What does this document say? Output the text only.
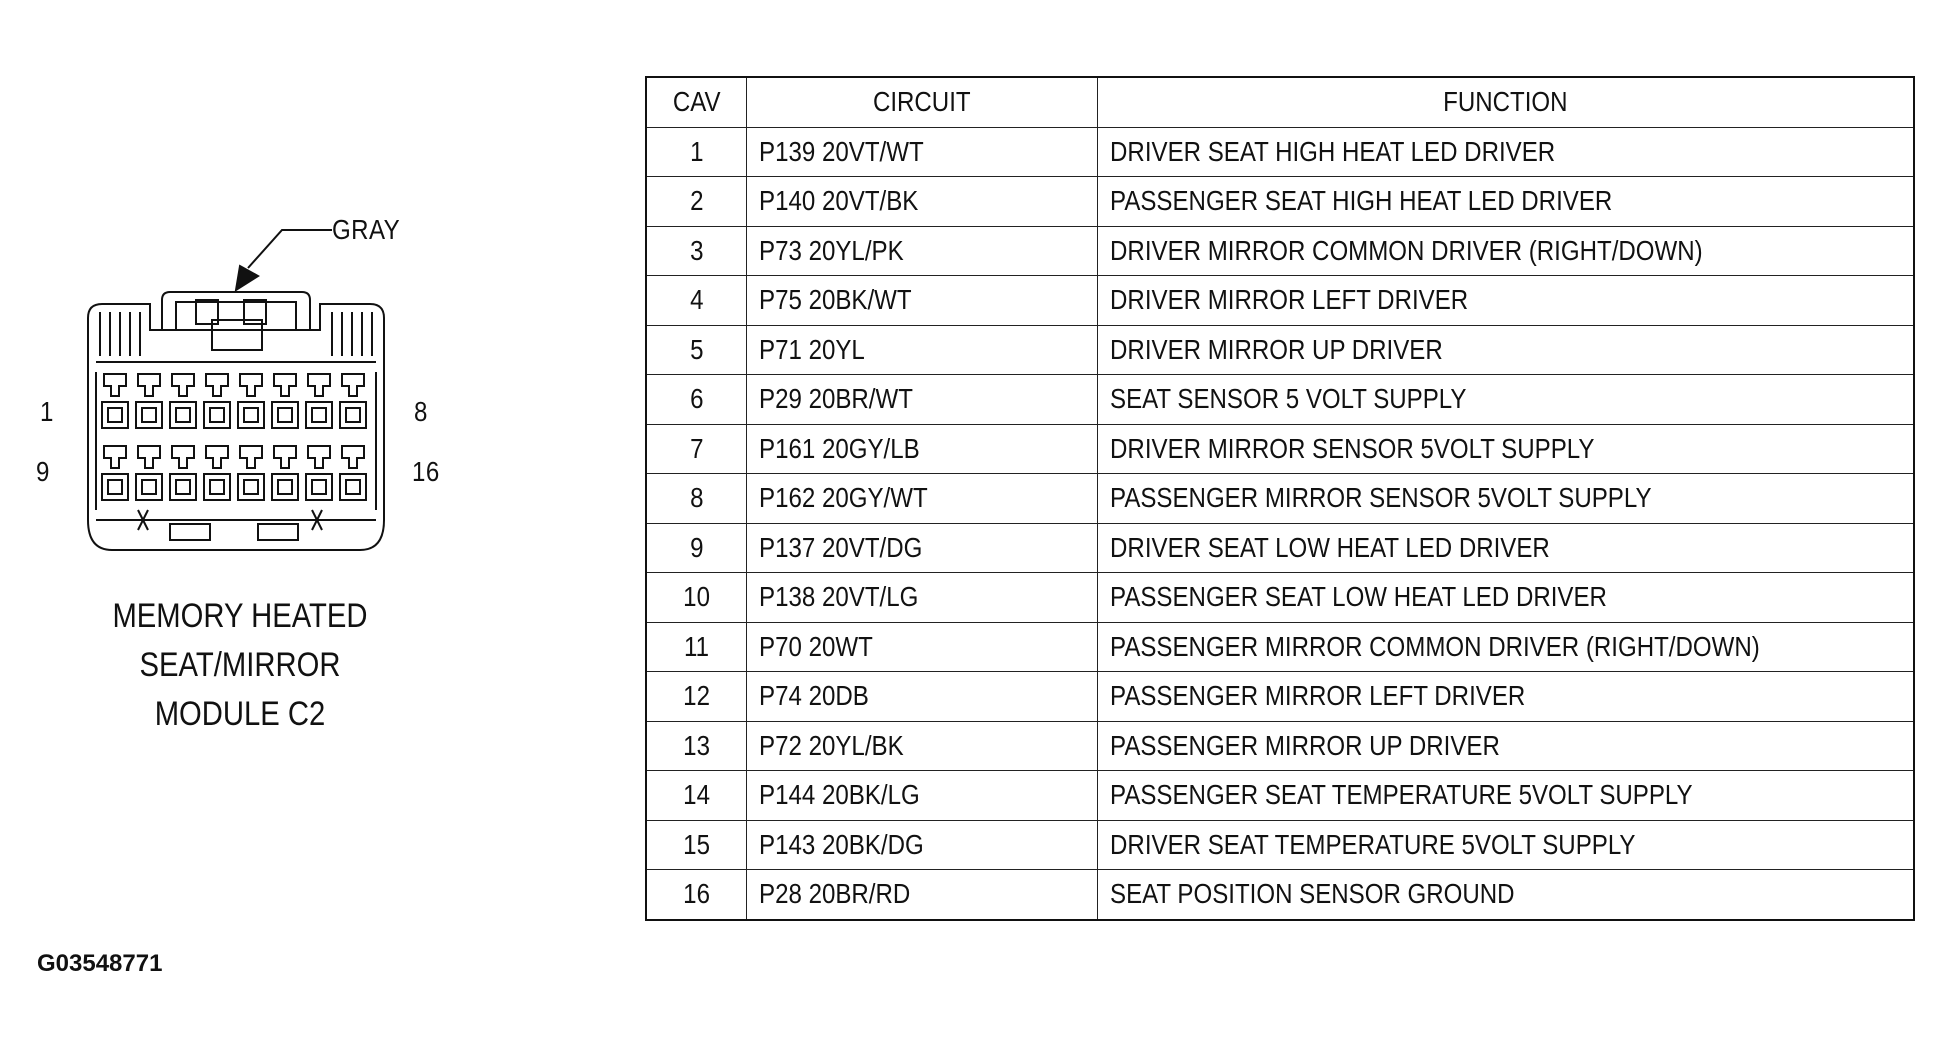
GRAY
1	8
9	16
MEMORY HEATED
SEAT/MIRROR
MODULE C2
G03548771
CAV	CIRCUIT	FUNCTION
1	P139 20VT/WT	DRIVER SEAT HIGH HEAT LED DRIVER
2	P140 20VT/BK	PASSENGER SEAT HIGH HEAT LED DRIVER
3	P73 20YL/PK	DRIVER MIRROR COMMON DRIVER (RIGHT/DOWN)
4	P75 20BK/WT	DRIVER MIRROR LEFT DRIVER
5	P71 20YL	DRIVER MIRROR UP DRIVER
6	P29 20BR/WT	SEAT SENSOR 5 VOLT SUPPLY
7	P161 20GY/LB	DRIVER MIRROR SENSOR 5VOLT SUPPLY
8	P162 20GY/WT	PASSENGER MIRROR SENSOR 5VOLT SUPPLY
9	P137 20VT/DG	DRIVER SEAT LOW HEAT LED DRIVER
10	P138 20VT/LG	PASSENGER SEAT LOW HEAT LED DRIVER
11	P70 20WT	PASSENGER MIRROR COMMON DRIVER (RIGHT/DOWN)
12	P74 20DB	PASSENGER MIRROR LEFT DRIVER
13	P72 20YL/BK	PASSENGER MIRROR UP DRIVER
14	P144 20BK/LG	PASSENGER SEAT TEMPERATURE 5VOLT SUPPLY
15	P143 20BK/DG	DRIVER SEAT TEMPERATURE 5VOLT SUPPLY
16	P28 20BR/RD	SEAT POSITION SENSOR GROUND
